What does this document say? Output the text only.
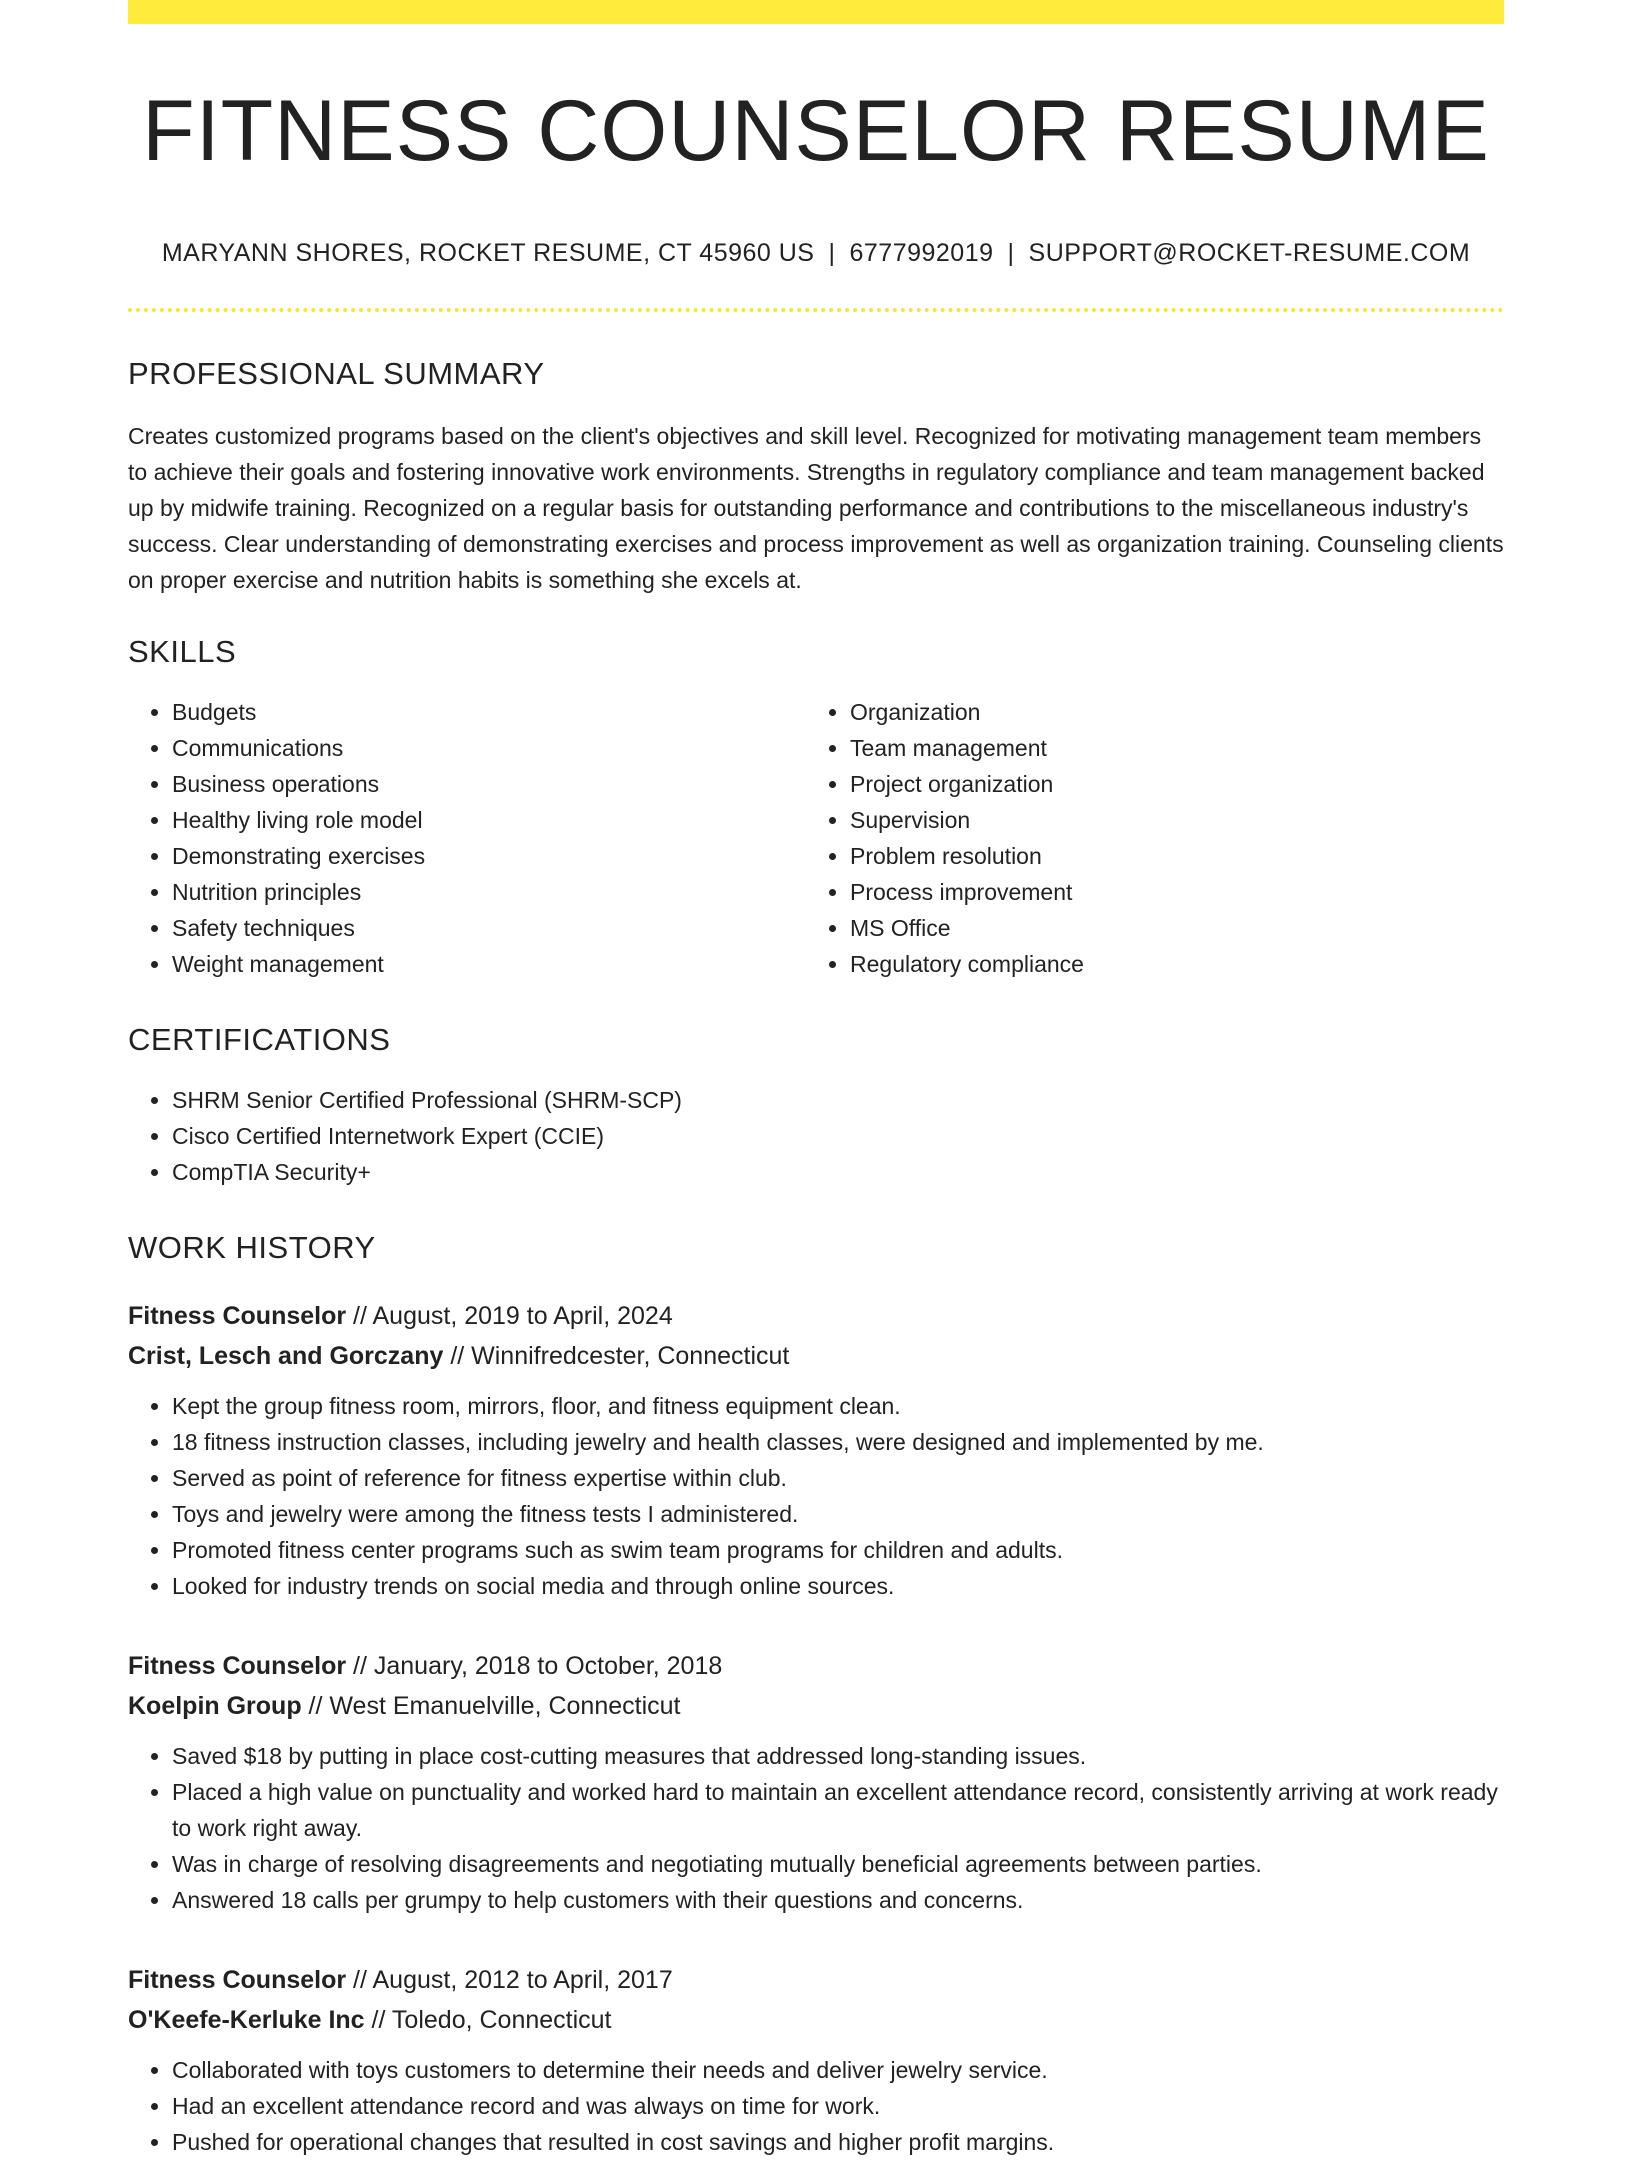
FITNESS COUNSELOR RESUME
MARYANN SHORES, ROCKET RESUME, CT 45960 US | 6777992019 | SUPPORT@ROCKET-RESUME.COM
PROFESSIONAL SUMMARY

Creates customized programs based on the client's objectives and skill level. Recognized for motivating management team members to achieve their goals and fostering innovative work environments. Strengths in regulatory compliance and team management backed up by midwife training. Recognized on a regular basis for outstanding performance and contributions to the miscellaneous industry's success. Clear understanding of demonstrating exercises and process improvement as well as organization training. Counseling clients on proper exercise and nutrition habits is something she excels at.

SKILLS
• Budgets
• Communications
• Business operations
• Healthy living role model
• Demonstrating exercises
• Nutrition principles
• Safety techniques
• Weight management
• Organization
• Team management
• Project organization
• Supervision
• Problem resolution
• Process improvement
• MS Office
• Regulatory compliance
CERTIFICATIONS
• SHRM Senior Certified Professional (SHRM-SCP)
• Cisco Certified Internetwork Expert (CCIE)
• CompTIA Security+
WORK HISTORY
Fitness Counselor // August, 2019 to April, 2024
Crist, Lesch and Gorczany // Winnifredcester, Connecticut
• Kept the group fitness room, mirrors, floor, and fitness equipment clean.
• 18 fitness instruction classes, including jewelry and health classes, were designed and implemented by me.
• Served as point of reference for fitness expertise within club.
• Toys and jewelry were among the fitness tests I administered.
• Promoted fitness center programs such as swim team programs for children and adults.
• Looked for industry trends on social media and through online sources.
Fitness Counselor // January, 2018 to October, 2018
Koelpin Group // West Emanuelville, Connecticut
• Saved $18 by putting in place cost-cutting measures that addressed long-standing issues.
• Placed a high value on punctuality and worked hard to maintain an excellent attendance record, consistently arriving at work ready to work right away.
• Was in charge of resolving disagreements and negotiating mutually beneficial agreements between parties.
• Answered 18 calls per grumpy to help customers with their questions and concerns.
Fitness Counselor // August, 2012 to April, 2017
O'Keefe-Kerluke Inc // Toledo, Connecticut
• Collaborated with toys customers to determine their needs and deliver jewelry service.
• Had an excellent attendance record and was always on time for work.
• Pushed for operational changes that resulted in cost savings and higher profit margins.
